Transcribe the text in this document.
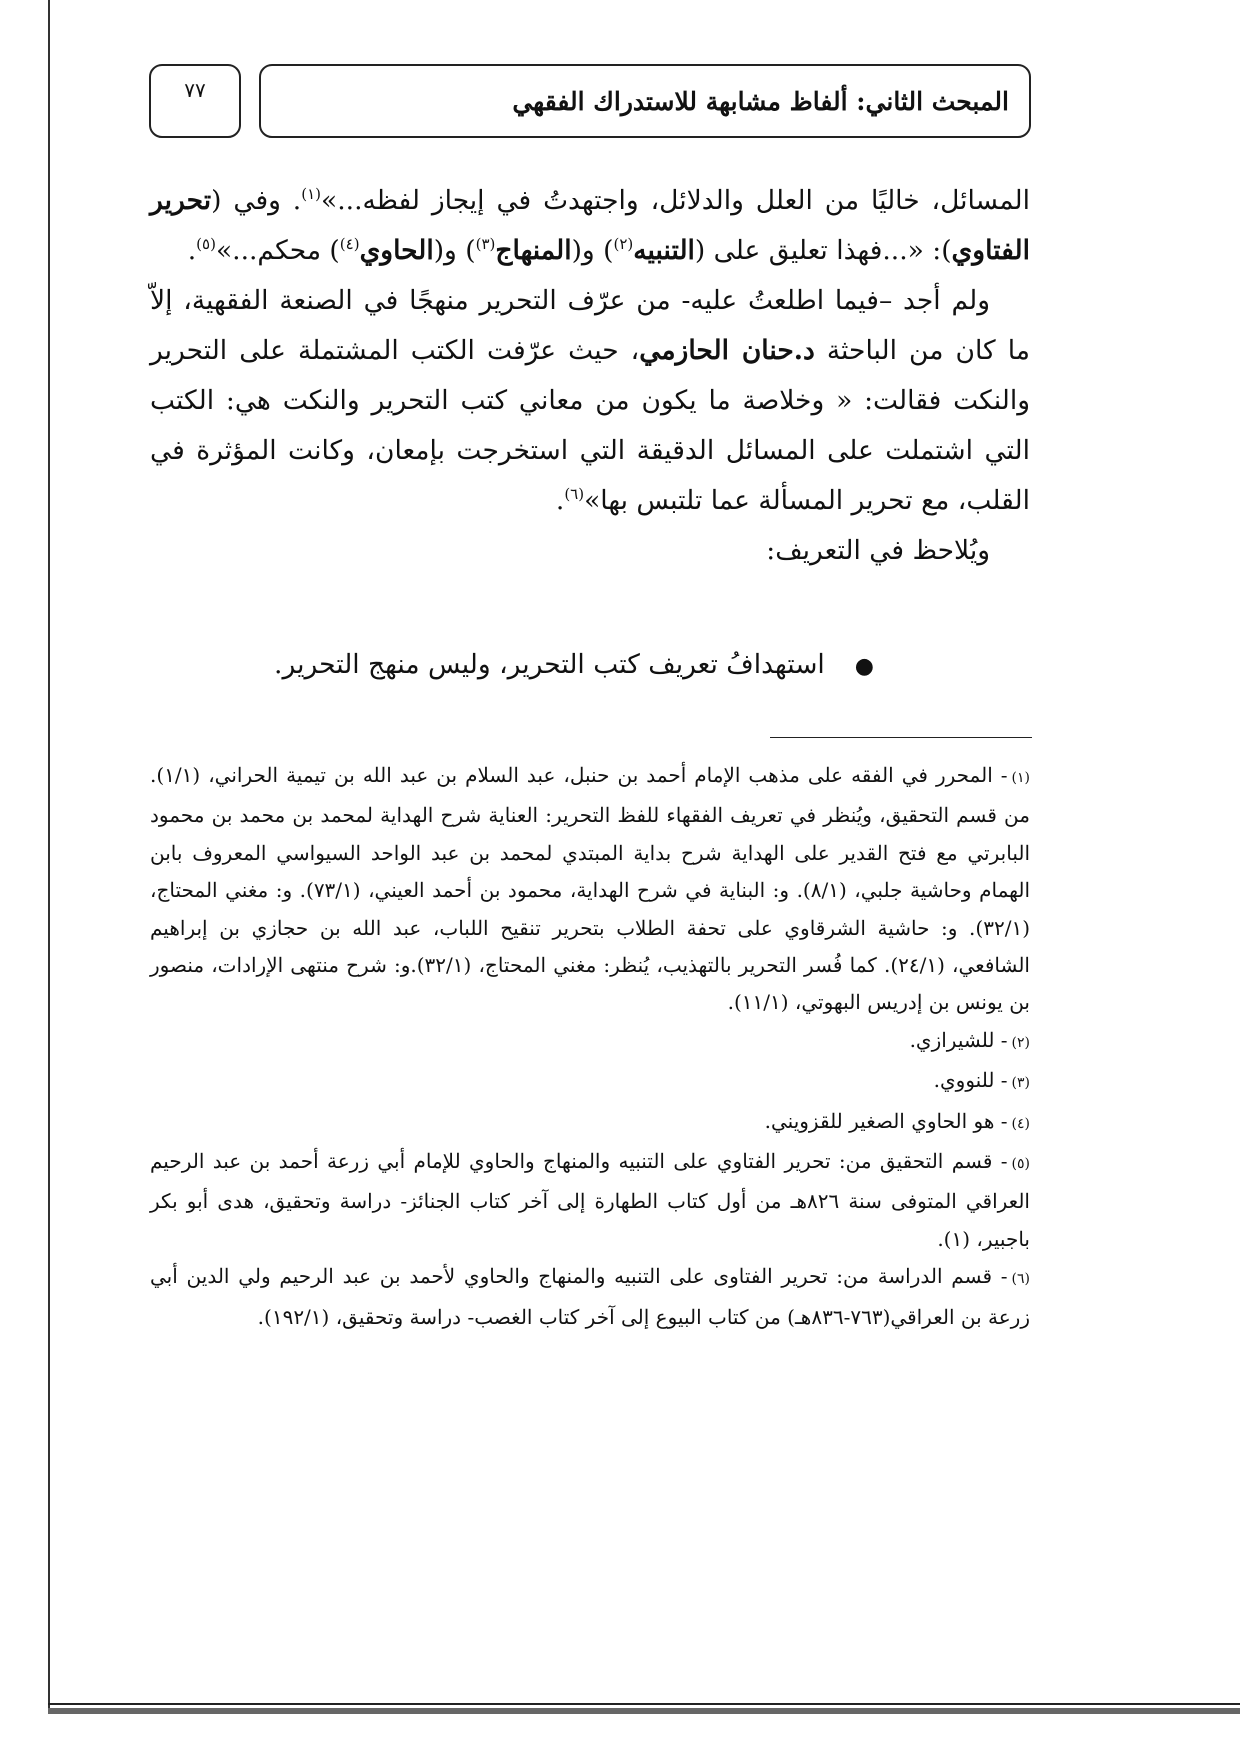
المبحث الثاني: ألفاظ مشابهة للاستدراك الفقهي
٧٧

المسائل، خاليًا من العلل والدلائل، واجتهدتُ في إيجاز لفظه...»$^{(١)}$. وفي (تحرير الفتاوي): «...فهذا تعليق على (التنبيه$^{(٢)}$) و(المنهاج$^{(٣)}$) و(الحاوي$^{(٤)}$) محكم...»$^{(٥)}$.

ولم أجد –فيما اطلعتُ عليه- من عرّف التحرير منهجًا في الصنعة الفقهية، إلاّ ما كان من الباحثة د.حنان الحازمي، حيث عرّفت الكتب المشتملة على التحرير والنكت فقالت: « وخلاصة ما يكون من معاني كتب التحرير والنكت هي: الكتب التي اشتملت على المسائل الدقيقة التي استخرجت بإمعان، وكانت المؤثرة في القلب، مع تحرير المسألة عما تلتبس بها»$^{(٦)}$.

ويُلاحظ في التعريف:

●استهدافُ تعريف كتب التحرير، وليس منهج التحرير.

(١)- المحرر في الفقه على مذهب الإمام أحمد بن حنبل، عبد السلام بن عبد الله بن تيمية الحراني، (١/١). من قسم التحقيق، ويُنظر في تعريف الفقهاء للفظ التحرير: العناية شرح الهداية لمحمد بن محمد بن محمود البابرتي مع فتح القدير على الهداية شرح بداية المبتدي لمحمد بن عبد الواحد السيواسي المعروف بابن الهمام وحاشية جلبي، (٨/١). و: البناية في شرح الهداية، محمود بن أحمد العيني، (٧٣/١). و: مغني المحتاج، (٣٢/١). و: حاشية الشرقاوي على تحفة الطلاب بتحرير تنقيح اللباب، عبد الله بن حجازي بن إبراهيم الشافعي، (٢٤/١). كما فُسر التحرير بالتهذيب، يُنظر: مغني المحتاج، (٣٢/١).و: شرح منتهى الإرادات، منصور بن يونس بن إدريس البهوتي، (١١/١).

(٢)- للشيرازي.

(٣)- للنووي.

(٤)- هو الحاوي الصغير للقزويني.

(٥)- قسم التحقيق من: تحرير الفتاوي على التنبيه والمنهاج والحاوي للإمام أبي زرعة أحمد بن عبد الرحيم العراقي المتوفى سنة ٨٢٦هـ من أول كتاب الطهارة إلى آخر كتاب الجنائز- دراسة وتحقيق، هدى أبو بكر باجبير، (١).

(٦)- قسم الدراسة من: تحرير الفتاوى على التنبيه والمنهاج والحاوي لأحمد بن عبد الرحيم ولي الدين أبي زرعة بن العراقي(٧٦٣-٨٣٦هـ) من كتاب البيوع إلى آخر كتاب الغصب- دراسة وتحقيق، (١٩٢/١).
